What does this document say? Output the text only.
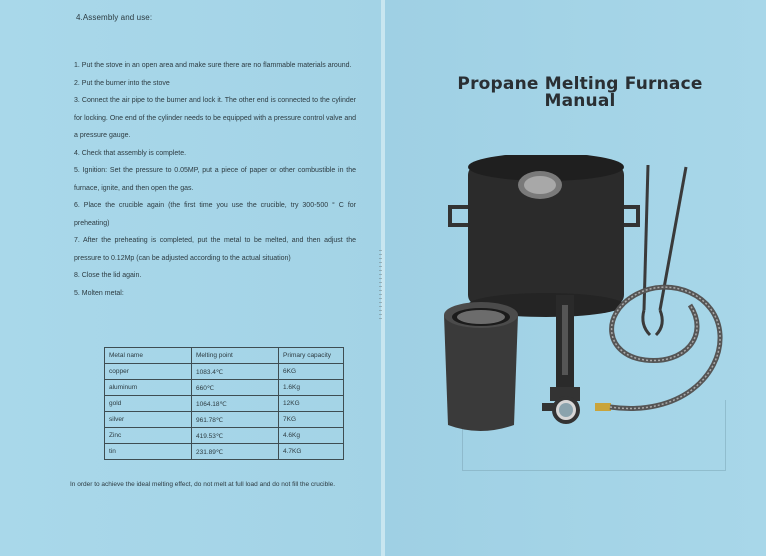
4.Assembly and use:
1. Put the stove in an open area and make sure there are no flammable materials around.
2. Put the burner into the stove
3. Connect the air pipe to the burner and lock it. The other end is connected to the cylinder for locking. One end of the cylinder needs to be equipped with a pressure control valve and a pressure gauge.
4. Check that assembly is complete.
5. Ignition: Set the pressure to 0.05MP, put a piece of paper or other combustible in the furnace, ignite, and then open the gas.
6. Place the crucible again (the first time you use the crucible, try 300-500 ° C for preheating)
7. After the preheating is completed, put the metal to be melted, and then adjust the pressure to 0.12Mp (can be adjusted according to the actual situation)
8. Close the lid again.
5. Molten metal:
Metal name	Melting point	Primary capacity
copper	1083.4℃	6KG
aluminum	660℃	1.6Kg
gold	1064.18℃	12KG
silver	961.78℃	7KG
Zinc	419.53℃	4.6Kg
tin	231.89℃	4.7KG
In order to achieve the ideal melting effect, do not melt at full load and do not fill the crucible.
Propane Melting Furnace
Manual
